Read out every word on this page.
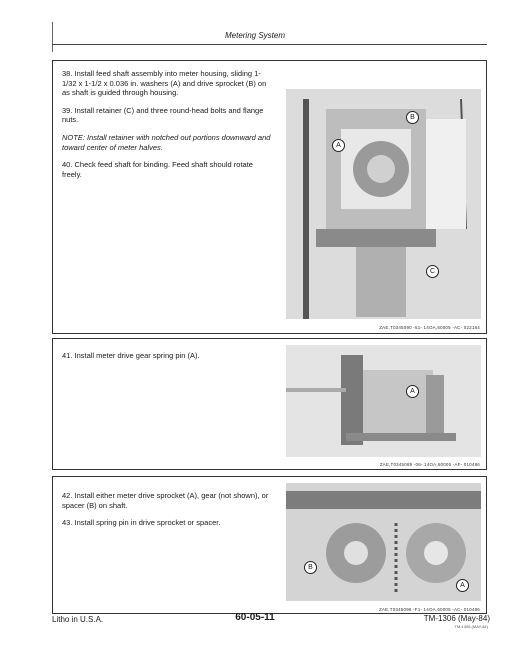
Metering System

38. Install feed shaft assembly into meter housing, sliding 1-1/32 x 1-1/2 x 0.036 in. washers (A) and drive sprocket (B) on as shaft is guided through housing.

39. Install retainer (C) and three round-head bolts and flange nuts.

NOTE: Install retainer with notched out portions downward and toward center of meter halves.

40. Check feed shaft for binding. Feed shaft should rotate freely.

B
A
C
ZAE,T0345090 -51- 14OA,60005 -AC- 022164

41. Install meter drive gear spring pin (A).

A
ZAE,T0345089 -06- 14OA,60005 -AF- 010486

42. Install either meter drive sprocket (A), gear (not shown), or spacer (B) on shaft.

43. Install spring pin in drive sprocket or spacer.

B
A
ZAE,T0345096 -F1- 14OA,60005 -AC- 010486
Litho in U.S.A.	60-05-11	TM-1306 (May-84)
TM-1306 (MAY-84)
